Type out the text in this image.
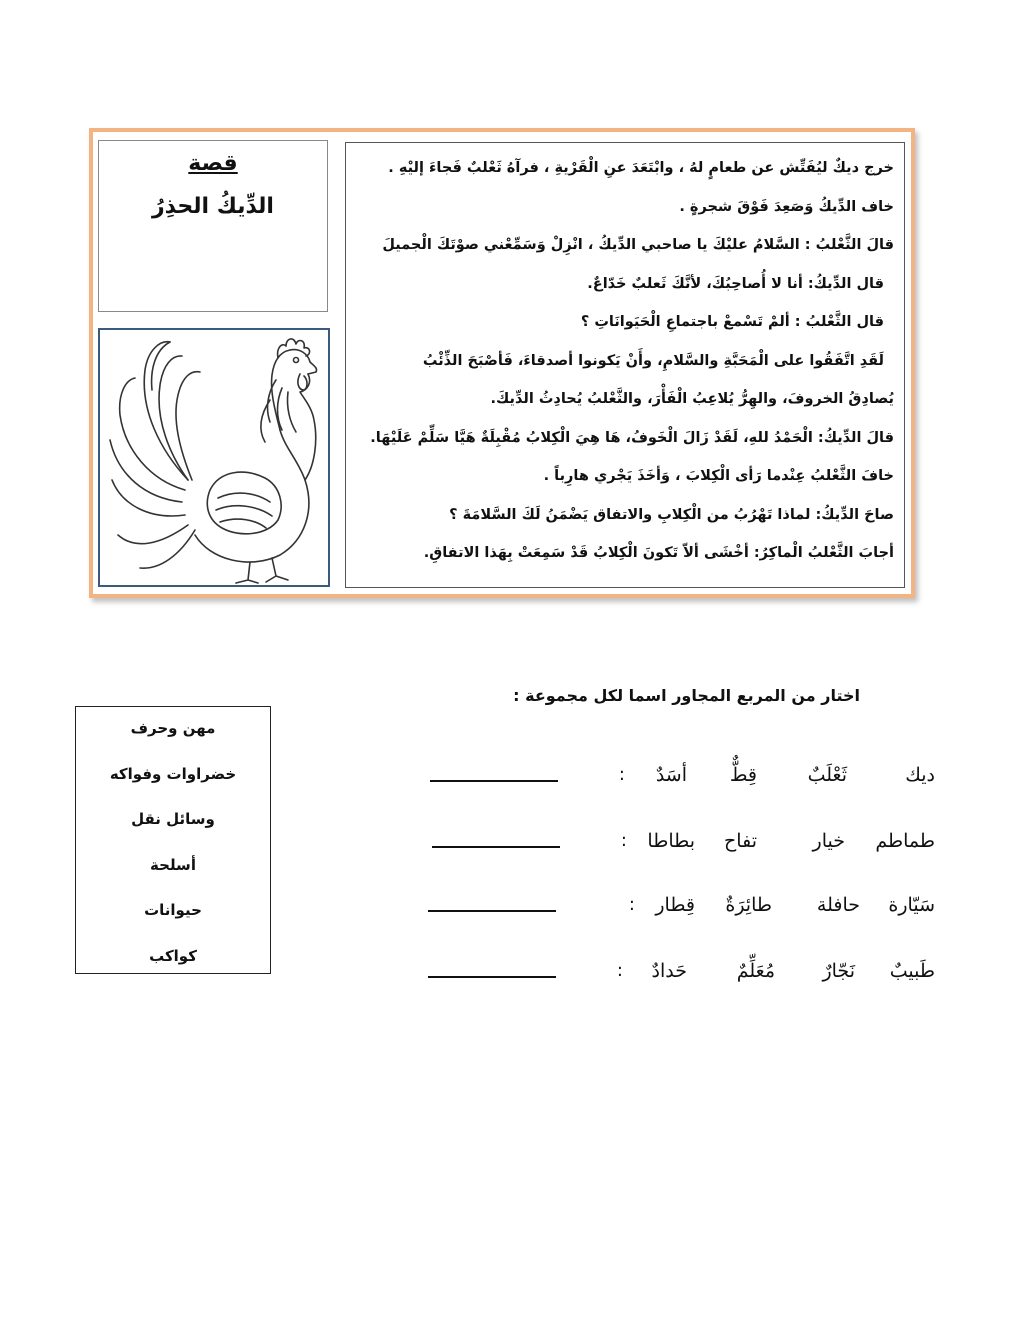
خرج ديكٌ ليُفَتِّش عن طعامٍ لهُ ، وابْتَعَدَ عنِ الْقَرْيةِ ، فرآهُ ثَعْلبٌ فَجاءَ إليْهِ .
خاف الدِّيكُ وَصَعِدَ فَوْقَ شجرةٍ .
قالَ الثَّعْلبُ : السَّلامُ عليْكَ يا صاحبي الدِّيكُ ، انْزِلْ وَسَمِّعْني صوْتَكَ الْجميلَ
قال الدِّيكُ: أنا لا أُصاحِبُكَ، لأنَّكَ ثَعلبٌ خَدّاعٌ.
قال الثَّعْلبُ : ألمْ تَسْمعْ باجتماعِ الْحَيَوانَاتِ ؟
لَقَدِ اتَّفَقُوا على الْمَحَبَّةِ والسَّلامِ، وأَنْ يَكونوا أصدقاءَ، فَأصْبَحَ الذِّئْبُ
يُصادِقُ الخروفَ، والهِرُّ يُلاعِبُ الْفَأْرَ، والثَّعْلبُ يُحادِثُ الدِّيكَ.
قالَ الدِّيكُ: الْحَمْدُ للهِ، لَقَدْ زَالَ الْخَوفُ، هَا هِيَ الْكِلابُ مُقْبِلَةٌ هَيَّا سَلِّمْ عَلَيْهَا.
خافَ الثَّعْلبُ عِنْدما رَأى الْكِلابَ ، وَأخَذَ يَجْري هارِباً .
صاحَ الدِّيكُ: لماذا تَهْرُبُ من الْكِلابِ والاتفاق يَضْمَنُ لَكَ السَّلامَةَ ؟
أجابَ الثَّعْلبُ الْماكِرُ: أخْشَى ألاّ تَكونَ الْكِلابُ قَدْ سَمِعَتْ بِهَذا الاتفاقِ.
قصة
الدِّيكُ الحذِرُ
اختار من المربع المجاور اسما لكل مجموعة :
مهن وحرف
خضراوات وفواكه
وسائل نقل
أسلحة
حيوانات
كواكب
ديك
ثَعْلَبٌ
قِطٌّ
أسَدٌ
:
طماطم
خيار
تفاح
بطاطا
:
سَيّارة
حافلة
طائِرَةٌ
قِطار
:
طَبيبٌ
نَجّارٌ
مُعَلِّمٌ
حَدادٌ
:
